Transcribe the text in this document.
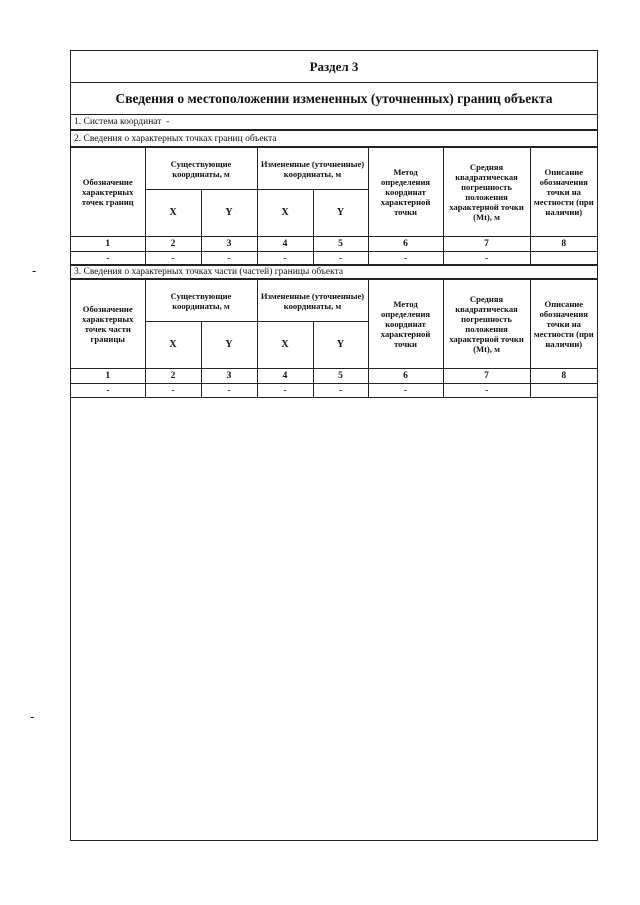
Раздел 3
Сведения о местоположении измененных (уточненных) границ объекта
1. Система координат -
2. Сведения о характерных точках границ объекта
Обозначение характерных точек границ	Существующие координаты, м		Измененные (уточненные) координаты, м		Метод определения координат характерной точки	Средняя квадратическая погрешность положения характерной точки (Mt), м	Описание обозначения точки на местности (при наличии)
	X	Y	X	Y			
1	2	3	4	5	6	7	8
-	-	-	-	-	-	-	
3. Сведения о характерных точках части (частей) границы объекта
Обозначение характерных точек части границы	Существующие координаты, м		Измененные (уточненные) координаты, м		Метод определения координат характерной точки	Средняя квадратическая погрешность положения характерной точки (Mt), м	Описание обозначения точки на местности (при наличии)
	X	Y	X	Y			
1	2	3	4	5	6	7	8
-	-	-	-	-	-	-	
-
-
